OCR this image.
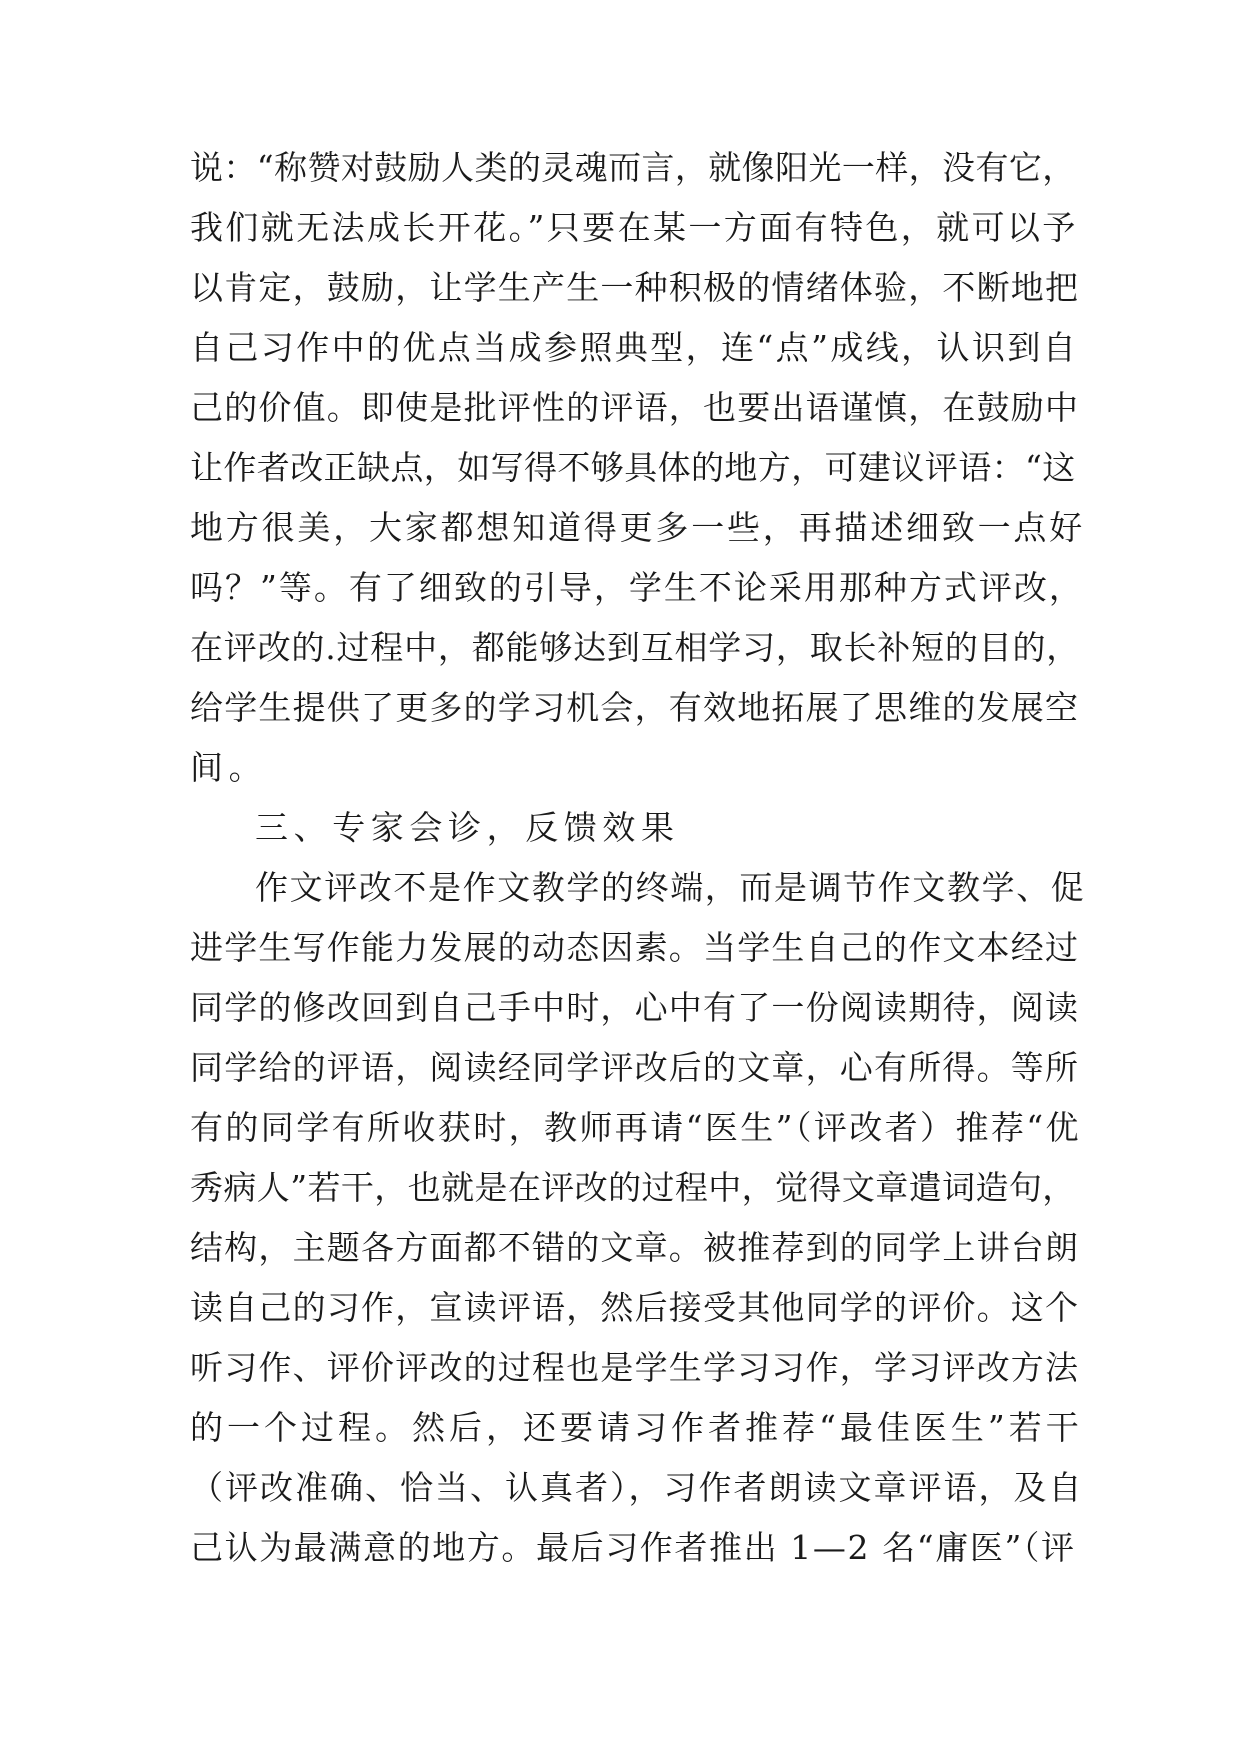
说：“称赞对鼓励人类的灵魂而言，就像阳光一样，没有它，
我们就无法成长开花。”只要在某一方面有特色，就可以予
以肯定，鼓励，让学生产生一种积极的情绪体验，不断地把
自己习作中的优点当成参照典型，连“点”成线，认识到自
己的价值。即使是批评性的评语，也要出语谨慎，在鼓励中
让作者改正缺点，如写得不够具体的地方，可建议评语：“这
地方很美，大家都想知道得更多一些，再描述细致一点好
吗？”等。有了细致的引导，学生不论采用那种方式评改，
在评改的.过程中，都能够达到互相学习，取长补短的目的，
给学生提供了更多的学习机会，有效地拓展了思维的发展空
间。
三、专家会诊，反馈效果
作文评改不是作文教学的终端，而是调节作文教学、促
进学生写作能力发展的动态因素。当学生自己的作文本经过
同学的修改回到自己手中时，心中有了一份阅读期待，阅读
同学给的评语，阅读经同学评改后的文章，心有所得。等所
有的同学有所收获时，教师再请“医生”（评改者）推荐“优
秀病人”若干，也就是在评改的过程中，觉得文章遣词造句，
结构，主题各方面都不错的文章。被推荐到的同学上讲台朗
读自己的习作，宣读评语，然后接受其他同学的评价。这个
听习作、评价评改的过程也是学生学习习作，学习评改方法
的一个过程。然后，还要请习作者推荐“最佳医生”若干
（评改准确、恰当、认真者），习作者朗读文章评语，及自
己认为最满意的地方。最后习作者推出 1—2 名“庸医”（评
